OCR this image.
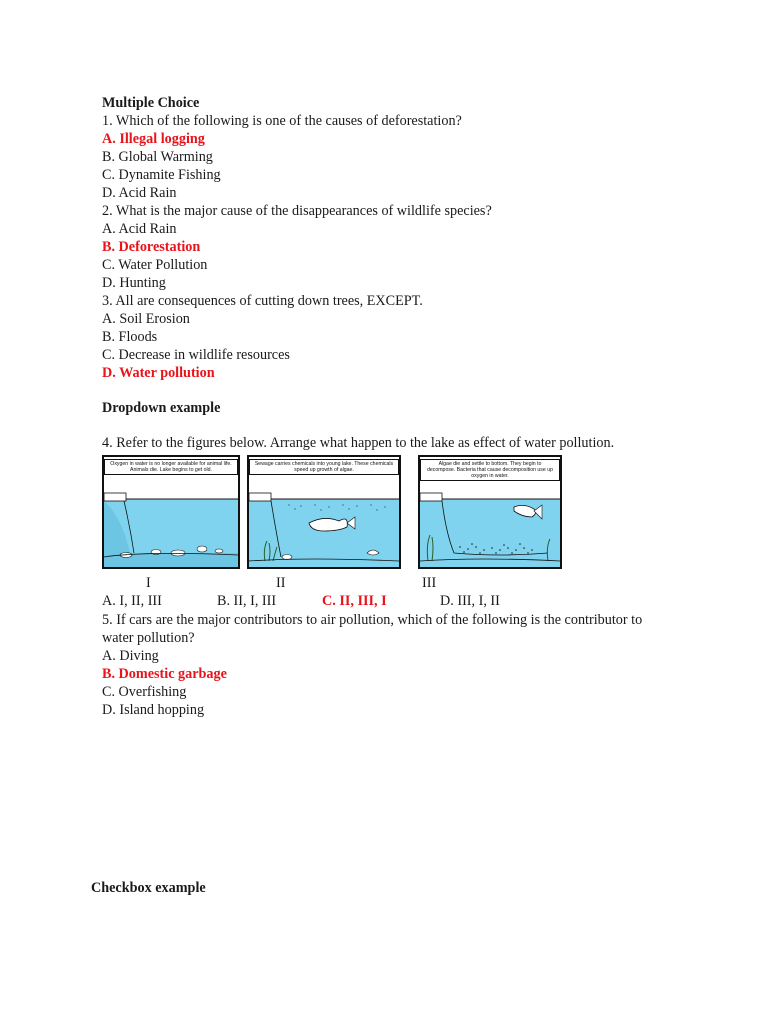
Multiple Choice
1. Which of the following is one of the causes of deforestation?
A. Illegal logging
B. Global Warming
C. Dynamite Fishing
D. Acid Rain
2. What is the major cause of the disappearances of wildlife species?
A. Acid Rain
B. Deforestation
C. Water Pollution
D. Hunting
3. All are consequences of cutting down trees, EXCEPT.
A. Soil Erosion
B. Floods
C. Decrease in wildlife resources
D. Water pollution
Dropdown example
4. Refer to the figures below. Arrange what happen to the lake as effect of water pollution.
Oxygen in water is no longer available for animal life. Animals die. Lake begins to get old.
Sewage carries chemicals into young lake. These chemicals speed up growth of algae.
Algae die and settle to bottom. They begin to decompose. Bacteria that cause decomposition use up oxygen in water.
I	II	III
A. I, II, III	B. II, I, III	C. II, III, I	D. III, I, II
5. If cars are the major contributors to air pollution, which of the following is the contributor to
water pollution?
A. Diving
B. Domestic garbage
C. Overfishing
D. Island hopping
Checkbox example
